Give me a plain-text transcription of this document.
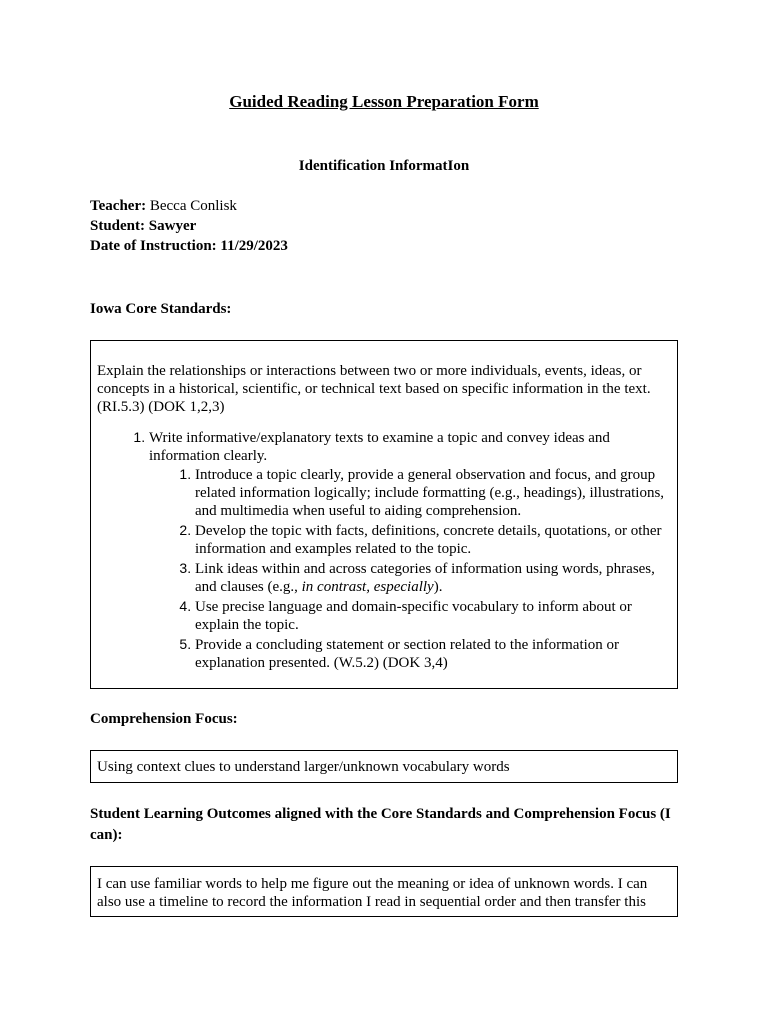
Guided Reading Lesson Preparation Form
Identification InformatIon
Teacher: Becca Conlisk
Student: Sawyer
Date of Instruction: 11/29/2023
Iowa Core Standards:

Explain the relationships or interactions between two or more individuals, events, ideas, or concepts in a historical, scientific, or technical text based on specific information in the text. (RI.5.3) (DOK 1,2,3)

1. Write informative/explanatory texts to examine a topic and convey ideas and information clearly.
1. Introduce a topic clearly, provide a general observation and focus, and group related information logically; include formatting (e.g., headings), illustrations, and multimedia when useful to aiding comprehension.
2. Develop the topic with facts, definitions, concrete details, quotations, or other information and examples related to the topic.
3. Link ideas within and across categories of information using words, phrases, and clauses (e.g., in contrast, especially).
4. Use precise language and domain-specific vocabulary to inform about or explain the topic.
5. Provide a concluding statement or section related to the information or explanation presented. (W.5.2) (DOK 3,4)
Comprehension Focus:
Using context clues to understand larger/unknown vocabulary words
Student Learning Outcomes aligned with the Core Standards and Comprehension Focus (I can):
I can use familiar words to help me figure out the meaning or idea of unknown words. I can also use a timeline to record the information I read in sequential order and then transfer this
